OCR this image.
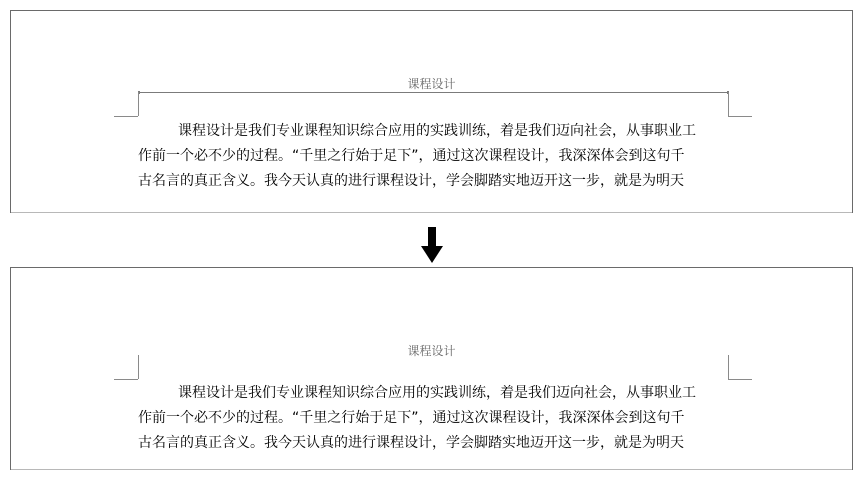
课程设计
课程设计是我们专业课程知识综合应用的实践训练，着是我们迈向社会，从事职业工
作前一个必不少的过程。“千里之行始于足下”，通过这次课程设计，我深深体会到这句千
古名言的真正含义。我今天认真的进行课程设计，学会脚踏实地迈开这一步，就是为明天
课程设计
课程设计是我们专业课程知识综合应用的实践训练，着是我们迈向社会，从事职业工
作前一个必不少的过程。“千里之行始于足下”，通过这次课程设计，我深深体会到这句千
古名言的真正含义。我今天认真的进行课程设计，学会脚踏实地迈开这一步，就是为明天
